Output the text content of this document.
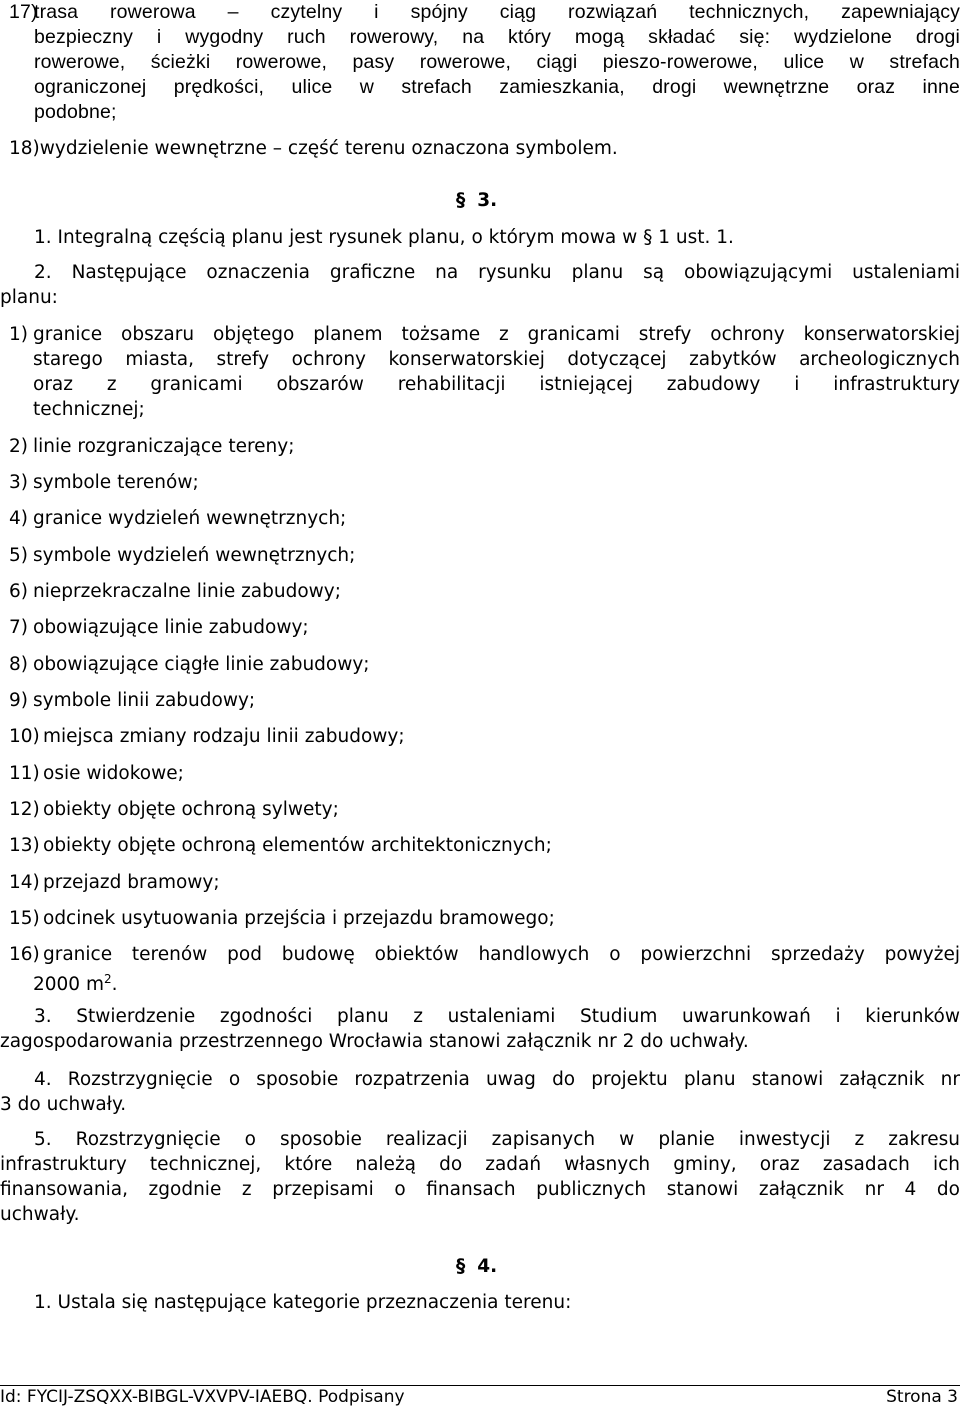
17)
trasa rowerowa – czytelny i spójny ciąg rozwiązań technicznych, zapewniający
bezpieczny i wygodny ruch rowerowy, na który mogą składać się: wydzielone drogi
rowerowe, ścieżki rowerowe, pasy rowerowe, ciągi pieszo-rowerowe, ulice w strefach
ograniczonej prędkości, ulice w strefach zamieszkania, drogi wewnętrzne oraz inne
podobne;
18)wydzielenie wewnętrzne – część terenu oznaczona symbolem.
§ 3.
1. Integralną częścią planu jest rysunek planu, o którym mowa w § 1 ust. 1.
2. Następujące oznaczenia graficzne na rysunku planu są obowiązującymi ustaleniami
planu:
1) granice obszaru objętego planem tożsame z granicami strefy ochrony konserwatorskiej
starego miasta, strefy ochrony konserwatorskiej dotyczącej zabytków archeologicznych
oraz z granicami obszarów rehabilitacji istniejącej zabudowy i infrastruktury
technicznej;
2) linie rozgraniczające tereny;
3) symbole terenów;
4) granice wydzieleń wewnętrznych;
5) symbole wydzieleń wewnętrznych;
6) nieprzekraczalne linie zabudowy;
7) obowiązujące linie zabudowy;
8) obowiązujące ciągłe linie zabudowy;
9) symbole linii zabudowy;
10) miejsca zmiany rodzaju linii zabudowy;
11) osie widokowe;
12) obiekty objęte ochroną sylwety;
13) obiekty objęte ochroną elementów architektonicznych;
14) przejazd bramowy;
15) odcinek usytuowania przejścia i przejazdu bramowego;
16) granice terenów pod budowę obiektów handlowych o powierzchni sprzedaży powyżej
2000 $m^2$.
3. Stwierdzenie zgodności planu z ustaleniami Studium uwarunkowań i kierunków
zagospodarowania przestrzennego Wrocławia stanowi załącznik nr 2 do uchwały.
4. Rozstrzygnięcie o sposobie rozpatrzenia uwag do projektu planu stanowi załącznik nr
3 do uchwały.
5. Rozstrzygnięcie o sposobie realizacji zapisanych w planie inwestycji z zakresu
infrastruktury technicznej, które należą do zadań własnych gminy, oraz zasadach ich
finansowania, zgodnie z przepisami o finansach publicznych stanowi załącznik nr 4 do
uchwały.
§ 4.
1. Ustala się następujące kategorie przeznaczenia terenu:
Id: FYCIJ-ZSQXX-BIBGL-VXVPV-IAEBQ. Podpisany	Strona 3
